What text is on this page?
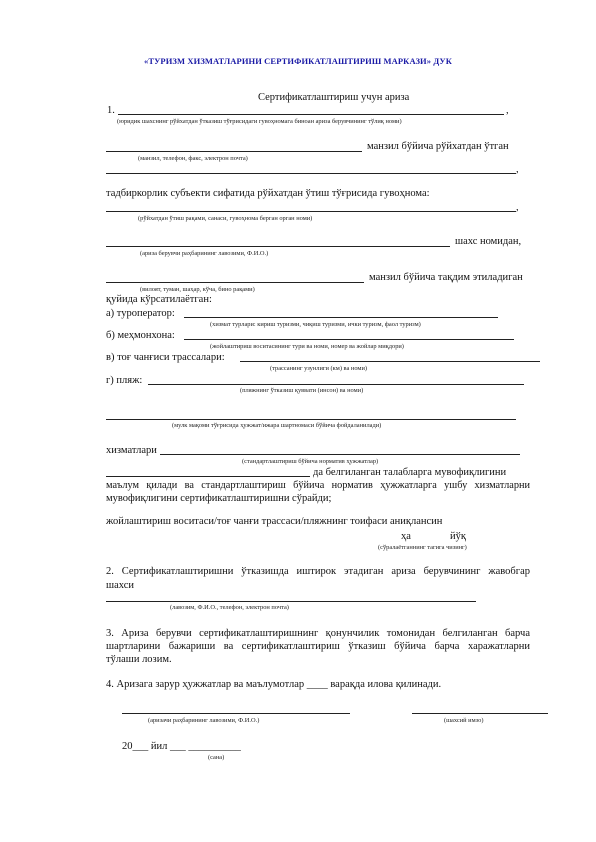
«ТУРИЗМ ХИЗМАТЛАРИНИ СЕРТИФИКАТЛАШТИРИШ МАРКАЗИ» ДУК
Сертификатлаштириш учун ариза
1.	,
(юридик шахснинг рўйхатдан ўтказиш тўғрисидаги гувоҳномага биноан ариза берувчининг тўлиқ номи)
манзил бўйича рўйхатдан ўтган
(манзил, телефон, факс, электрон почта)
,
тадбиркорлик субъекти сифатида рўйхатдан ўтиш тўғрисида гувоҳнома:
,
(рўйхатдан ўтиш рақами, санаси, гувоҳнома берган орган номи)
шахс номидан,
(ариза берувчи раҳбарининг лавозими, Ф.И.О.)
манзил бўйича тақдим этиладиган
(вилоят, туман, шаҳар, кўча, бино рақами)
қуйида кўрсатилаётган:
а) туроператор:
(хизмат турлари: кириш туризми, чиқиш туризми, ички туризм, фаол туризм)
б) меҳмонхона:
(жойлаштириш воситасининг тури ва номи, номер ва жойлар миқдори)
в) тоғ чанғиси трассалари:
(трассанинг узунлиги (км) ва номи)
г) пляж:
(пляжнинг ўтказиш қуввати (инсон) ва номи)
(мулк мақоми тўғрисида ҳужжат/ижара шартномаси бўйича фойдаланилади)
хизматлари
(стандартлаштириш бўйича норматив ҳужжатлар)
да белгиланган талабларга мувофиқлигини
маълум қилади ва стандартлаштириш бўйича норматив ҳужжатларга ушбу хизматларни
мувофиқлигини сертификатлаштиришни сўрайди;
жойлаштириш воситаси/тоғ чанғи трассаси/пляжнинг тоифаси аниқлансин
ҳа	йўқ
(сўралаётганнинг тагига чизинг)
2. Сертификатлаштиришни ўтказишда иштирок этадиган ариза берувчининг жавобгар
шахси
(лавозим, Ф.И.О., телефон, электрон почта)
3. Ариза берувчи сертификатлаштиришнинг қонунчилик томонидан белгиланган барча
шартларини бажариши ва сертификатлаштириш ўтказиш бўйича барча харажатларни
тўлаши лозим.
4. Аризага зарур ҳужжатлар ва маълумотлар ____ варақда илова қилинади.
(аризачи раҳбарининг лавозими, Ф.И.О.)	(шахсий имзо)
20___ йил ___ __________
(сана)
